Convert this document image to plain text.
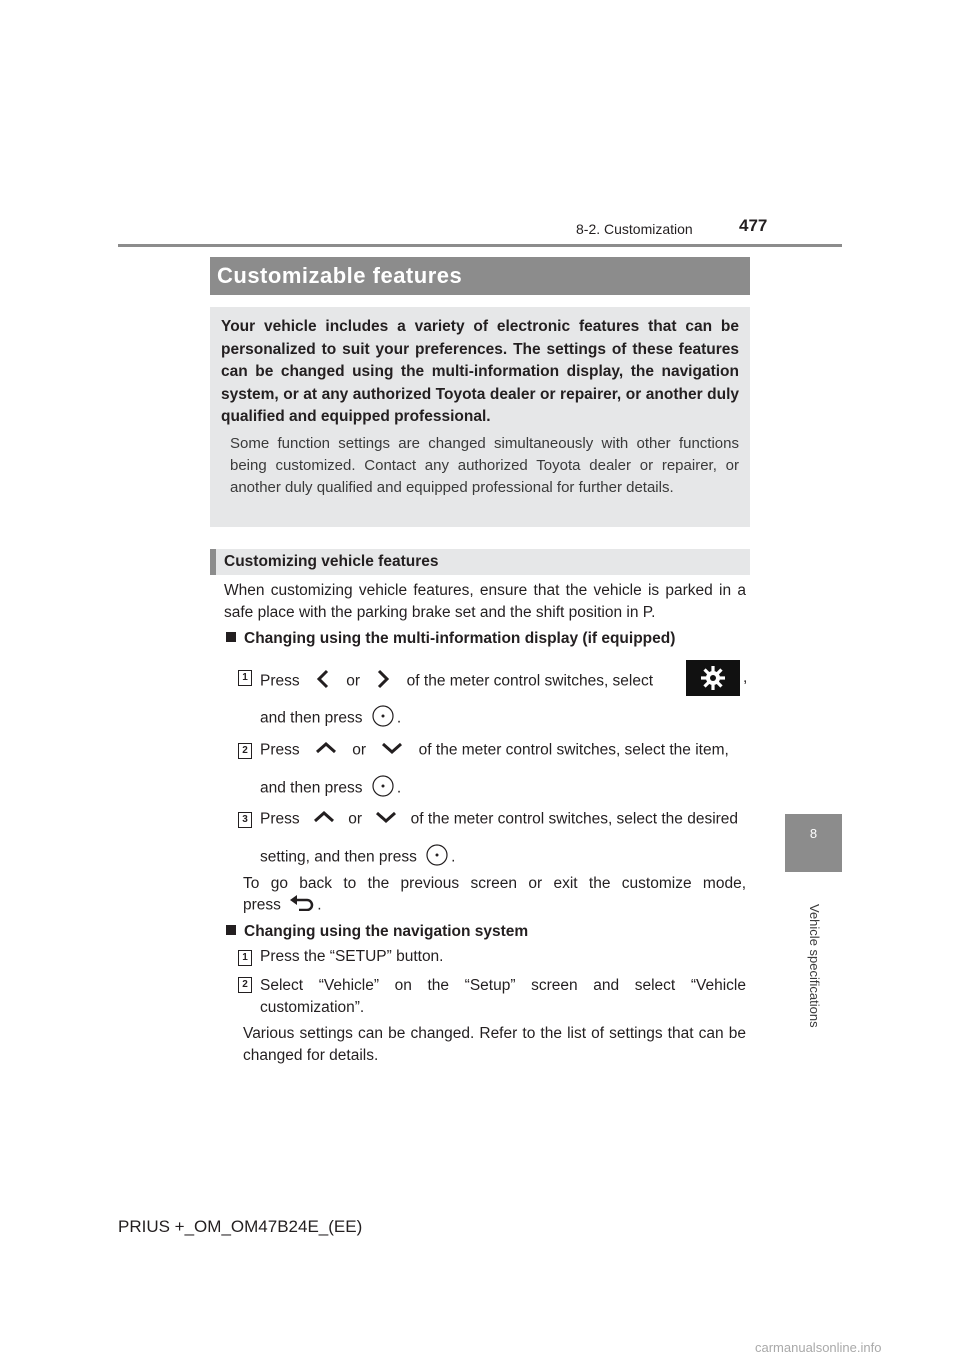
8-2. Customization	477
8
Vehicle specifications
Customizable features
Your vehicle includes a variety of electronic features that can be personalized to suit your preferences. The settings of these features can be changed using the multi-information display, the navigation system, or at any authorized Toyota dealer or repairer, or another duly qualified and equipped professional.
Some function settings are changed simultaneously with other functions being customized. Contact any authorized Toyota dealer or repairer, or another duly qualified and equipped professional for further details.
Customizing vehicle features
When customizing vehicle features, ensure that the vehicle is parked in a safe place with the parking brake set and the shift position in P.
Changing using the multi-information display (if equipped)
1 Press	or	of the meter control switches, select	,
and then press .
2 Press	or	of the meter control switches, select the item,
and then press .
3 Press	or	of the meter control switches, select the desired
setting, and then press .
To go back to the previous screen or exit the customize mode,
press .
Changing using the navigation system
1 Press the “SETUP” button.
2 Select “Vehicle” on the “Setup” screen and select “Vehicle customization”.
Various settings can be changed. Refer to the list of settings that can be changed for details.
PRIUS +_OM_OM47B24E_(EE)
carmanualsonline.info
